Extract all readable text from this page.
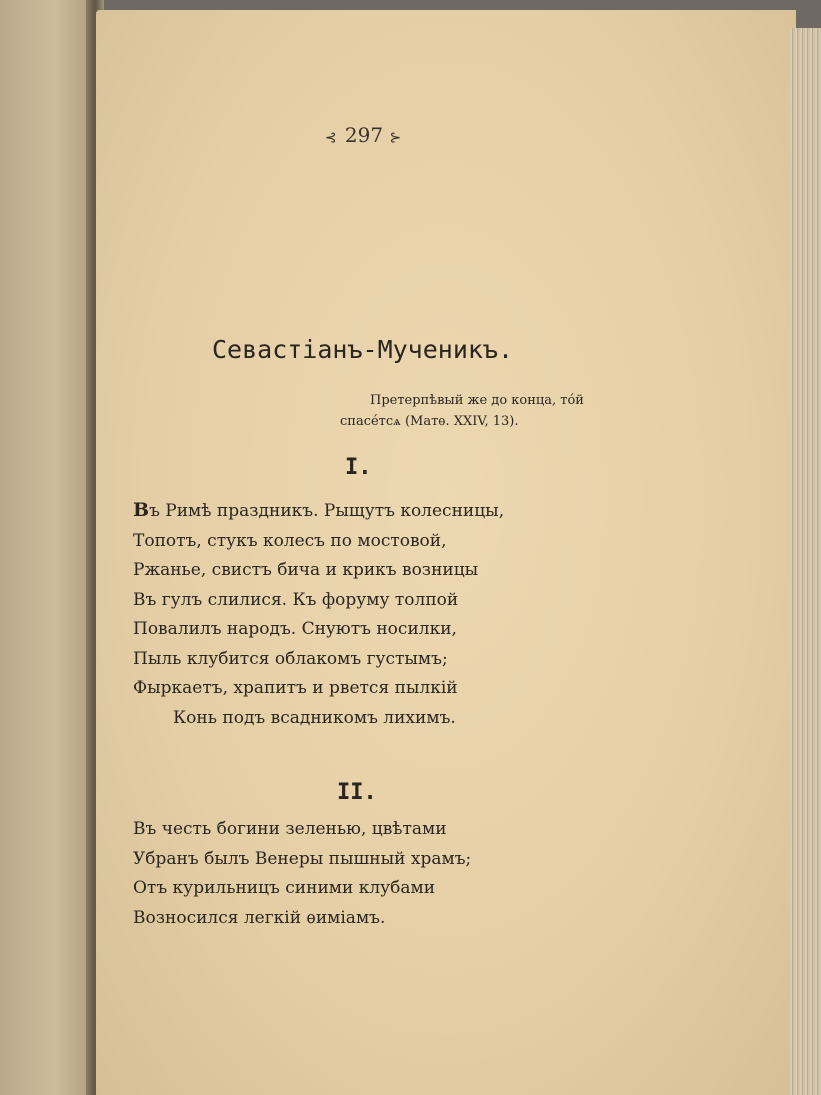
⊰ 297 ⊱
Севастіанъ-Мученикъ.
Претерпѣвый же до конца, тóй
спасéтсѧ (Матѳ. XXIV, 13).
I.
Въ Римѣ праздникъ. Рыщутъ колесницы,
Топотъ, стукъ колесъ по мостовой,
Ржанье, свистъ бича и крикъ возницы
Въ гулъ слилися. Къ форуму толпой
Повалилъ народъ. Снуютъ носилки,
Пыль клубится облакомъ густымъ;
Фыркаетъ, храпитъ и рвется пылкій
Конь подъ всадникомъ лихимъ.
II.
Въ честь богини зеленью, цвѣтами
Убранъ былъ Венеры пышный храмъ;
Отъ курильницъ синими клубами
Возносился легкій ѳиміамъ.
